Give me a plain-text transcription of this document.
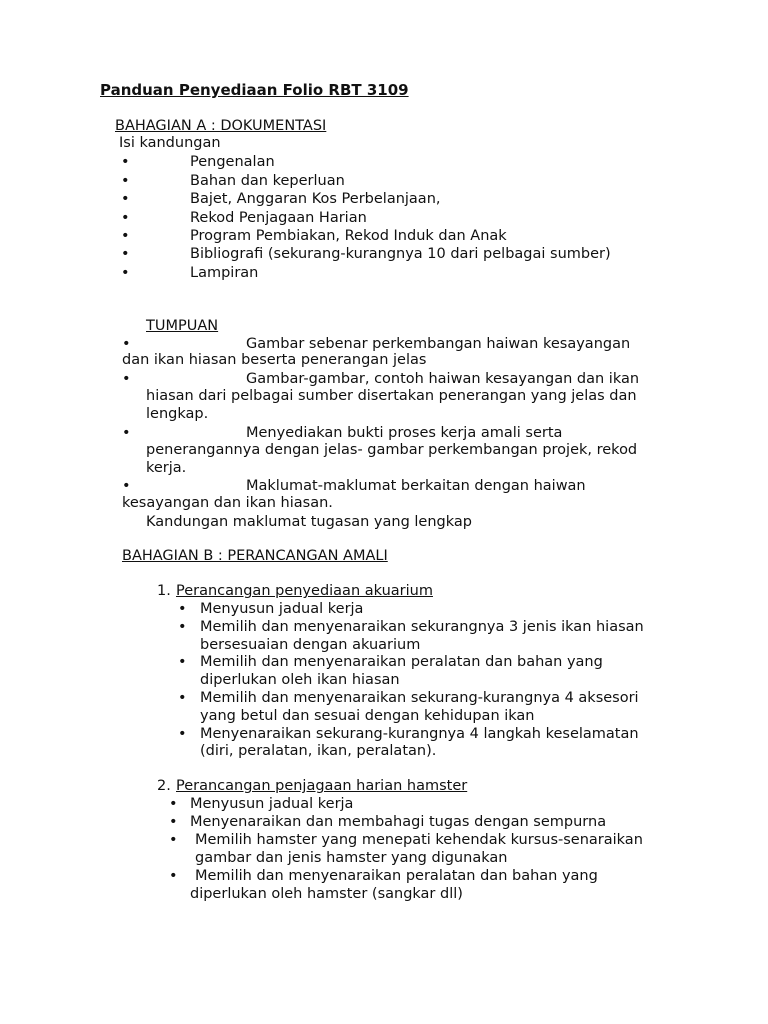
Panduan Penyediaan Folio RBT 3109
BAHAGIAN A : DOKUMENTASI
Isi kandungan
•	Pengenalan
•	Bahan dan keperluan
•	Bajet, Anggaran Kos Perbelanjaan,
•	Rekod Penjagaan Harian
•	Program Pembiakan, Rekod Induk dan Anak
•	Bibliografi (sekurang-kurangnya 10 dari pelbagai sumber)
•	Lampiran
TUMPUAN
•	Gambar sebenar perkembangan haiwan kesayangan
dan ikan hiasan beserta penerangan jelas
•	Gambar-gambar, contoh haiwan kesayangan dan ikan
hiasan dari pelbagai sumber disertakan penerangan yang jelas dan
lengkap.
•	Menyediakan bukti proses kerja amali serta
penerangannya dengan jelas- gambar perkembangan projek, rekod
kerja.
•	Maklumat-maklumat berkaitan dengan haiwan
kesayangan dan ikan hiasan.
Kandungan maklumat tugasan yang lengkap
BAHAGIAN B : PERANCANGAN AMALI
1. Perancangan penyediaan akuarium
• Menyusun jadual kerja
• Memilih dan menyenaraikan sekurangnya 3 jenis ikan hiasan
bersesuaian dengan akuarium
• Memilih dan menyenaraikan peralatan dan bahan yang
diperlukan oleh ikan hiasan
• Memilih dan menyenaraikan sekurang-kurangnya 4 aksesori
yang betul dan sesuai dengan kehidupan ikan
• Menyenaraikan sekurang-kurangnya 4 langkah keselamatan
(diri, peralatan, ikan, peralatan).
2. Perancangan penjagaan harian hamster
• Menyusun jadual kerja
• Menyenaraikan dan membahagi tugas dengan sempurna
• Memilih hamster yang menepati kehendak kursus-senaraikan
gambar dan jenis hamster yang digunakan
• Memilih dan menyenaraikan peralatan dan bahan yang
diperlukan oleh hamster (sangkar dll)
